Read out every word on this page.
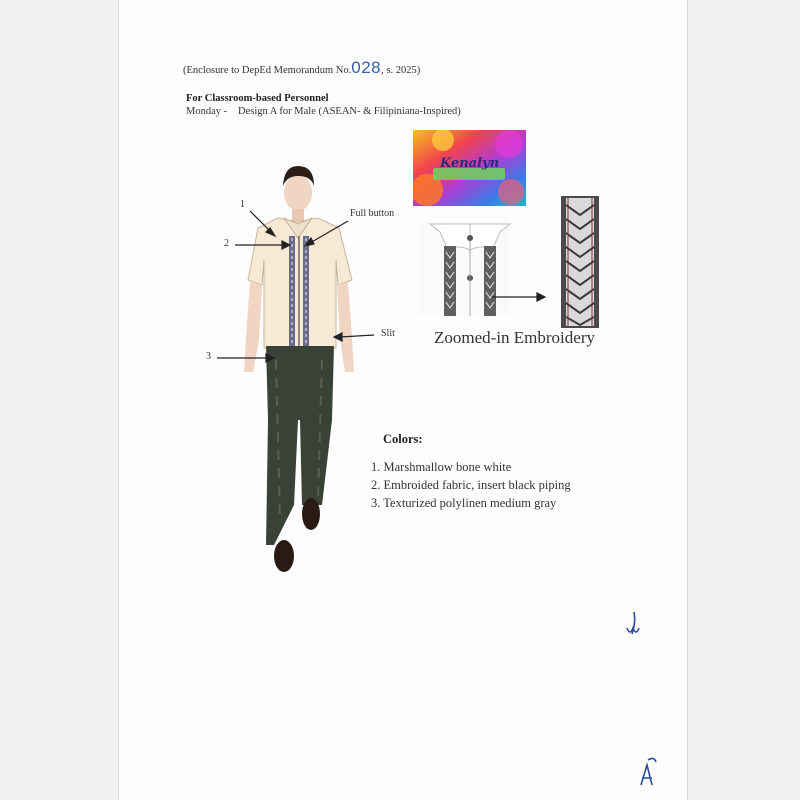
(Enclosure to DepEd Memorandum No.028, s. 2025)
For Classroom-based Personnel
Monday - Design A for Male (ASEAN- & Filipiniana-Inspired)
Kenalyn
1
2
3
Full button
Slit Zoomed-in Embroidery
Colors:
1. Marshmallow bone white
2. Embroided fabric, insert black piping
3. Texturized polylinen medium gray
